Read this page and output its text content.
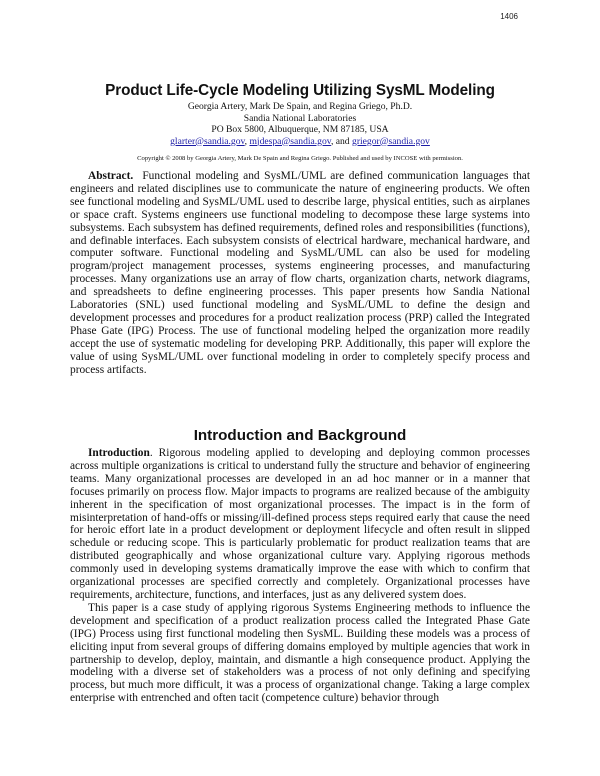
1406
Product Life-Cycle Modeling Utilizing SysML Modeling
Georgia Artery, Mark De Spain, and Regina Griego, Ph.D.
Sandia National Laboratories
PO Box 5800, Albuquerque, NM 87185, USA
glarter@sandia.gov, mjdespa@sandia.gov, and griegor@sandia.gov
Copyright © 2008 by Georgia Artery, Mark De Spain and Regina Griego. Published and used by INCOSE with permission.

Abstract. Functional modeling and SysML/UML are defined communication languages that engineers and related disciplines use to communicate the nature of engineering products. We often see functional modeling and SysML/UML used to describe large, physical entities, such as airplanes or space craft. Systems engineers use functional modeling to decompose these large systems into subsystems. Each subsystem has defined requirements, defined roles and responsibilities (functions), and definable interfaces. Each subsystem consists of electrical hardware, mechanical hardware, and computer software. Functional modeling and SysML/UML can also be used for modeling program/project management processes, systems engineering processes, and manufacturing processes. Many organizations use an array of flow charts, organization charts, network diagrams, and spreadsheets to define engineering processes. This paper presents how Sandia National Laboratories (SNL) used functional modeling and SysML/UML to define the design and development processes and procedures for a product realization process (PRP) called the Integrated Phase Gate (IPG) Process. The use of functional modeling helped the organization more readily accept the use of systematic modeling for developing PRP. Additionally, this paper will explore the value of using SysML/UML over functional modeling in order to completely specify process and process artifacts.

Introduction and Background

Introduction. Rigorous modeling applied to developing and deploying common processes across multiple organizations is critical to understand fully the structure and behavior of engineering teams. Many organizational processes are developed in an ad hoc manner or in a manner that focuses primarily on process flow. Major impacts to programs are realized because of the ambiguity inherent in the specification of most organizational processes. The impact is in the form of misinterpretation of hand-offs or missing/ill-defined process steps required early that cause the need for heroic effort late in a product development or deployment lifecycle and often result in slipped schedule or reducing scope. This is particularly problematic for product realization teams that are distributed geographically and whose organizational culture vary. Applying rigorous methods commonly used in developing systems dramatically improve the ease with which to confirm that organizational processes are specified correctly and completely. Organizational processes have requirements, architecture, functions, and interfaces, just as any delivered system does.

This paper is a case study of applying rigorous Systems Engineering methods to influence the development and specification of a product realization process called the Integrated Phase Gate (IPG) Process using first functional modeling then SysML. Building these models was a process of eliciting input from several groups of differing domains employed by multiple agencies that work in partnership to develop, deploy, maintain, and dismantle a high consequence product. Applying the modeling with a diverse set of stakeholders was a process of not only defining and specifying process, but much more difficult, it was a process of organizational change. Taking a large complex enterprise with entrenched and often tacit (competence culture) behavior through
